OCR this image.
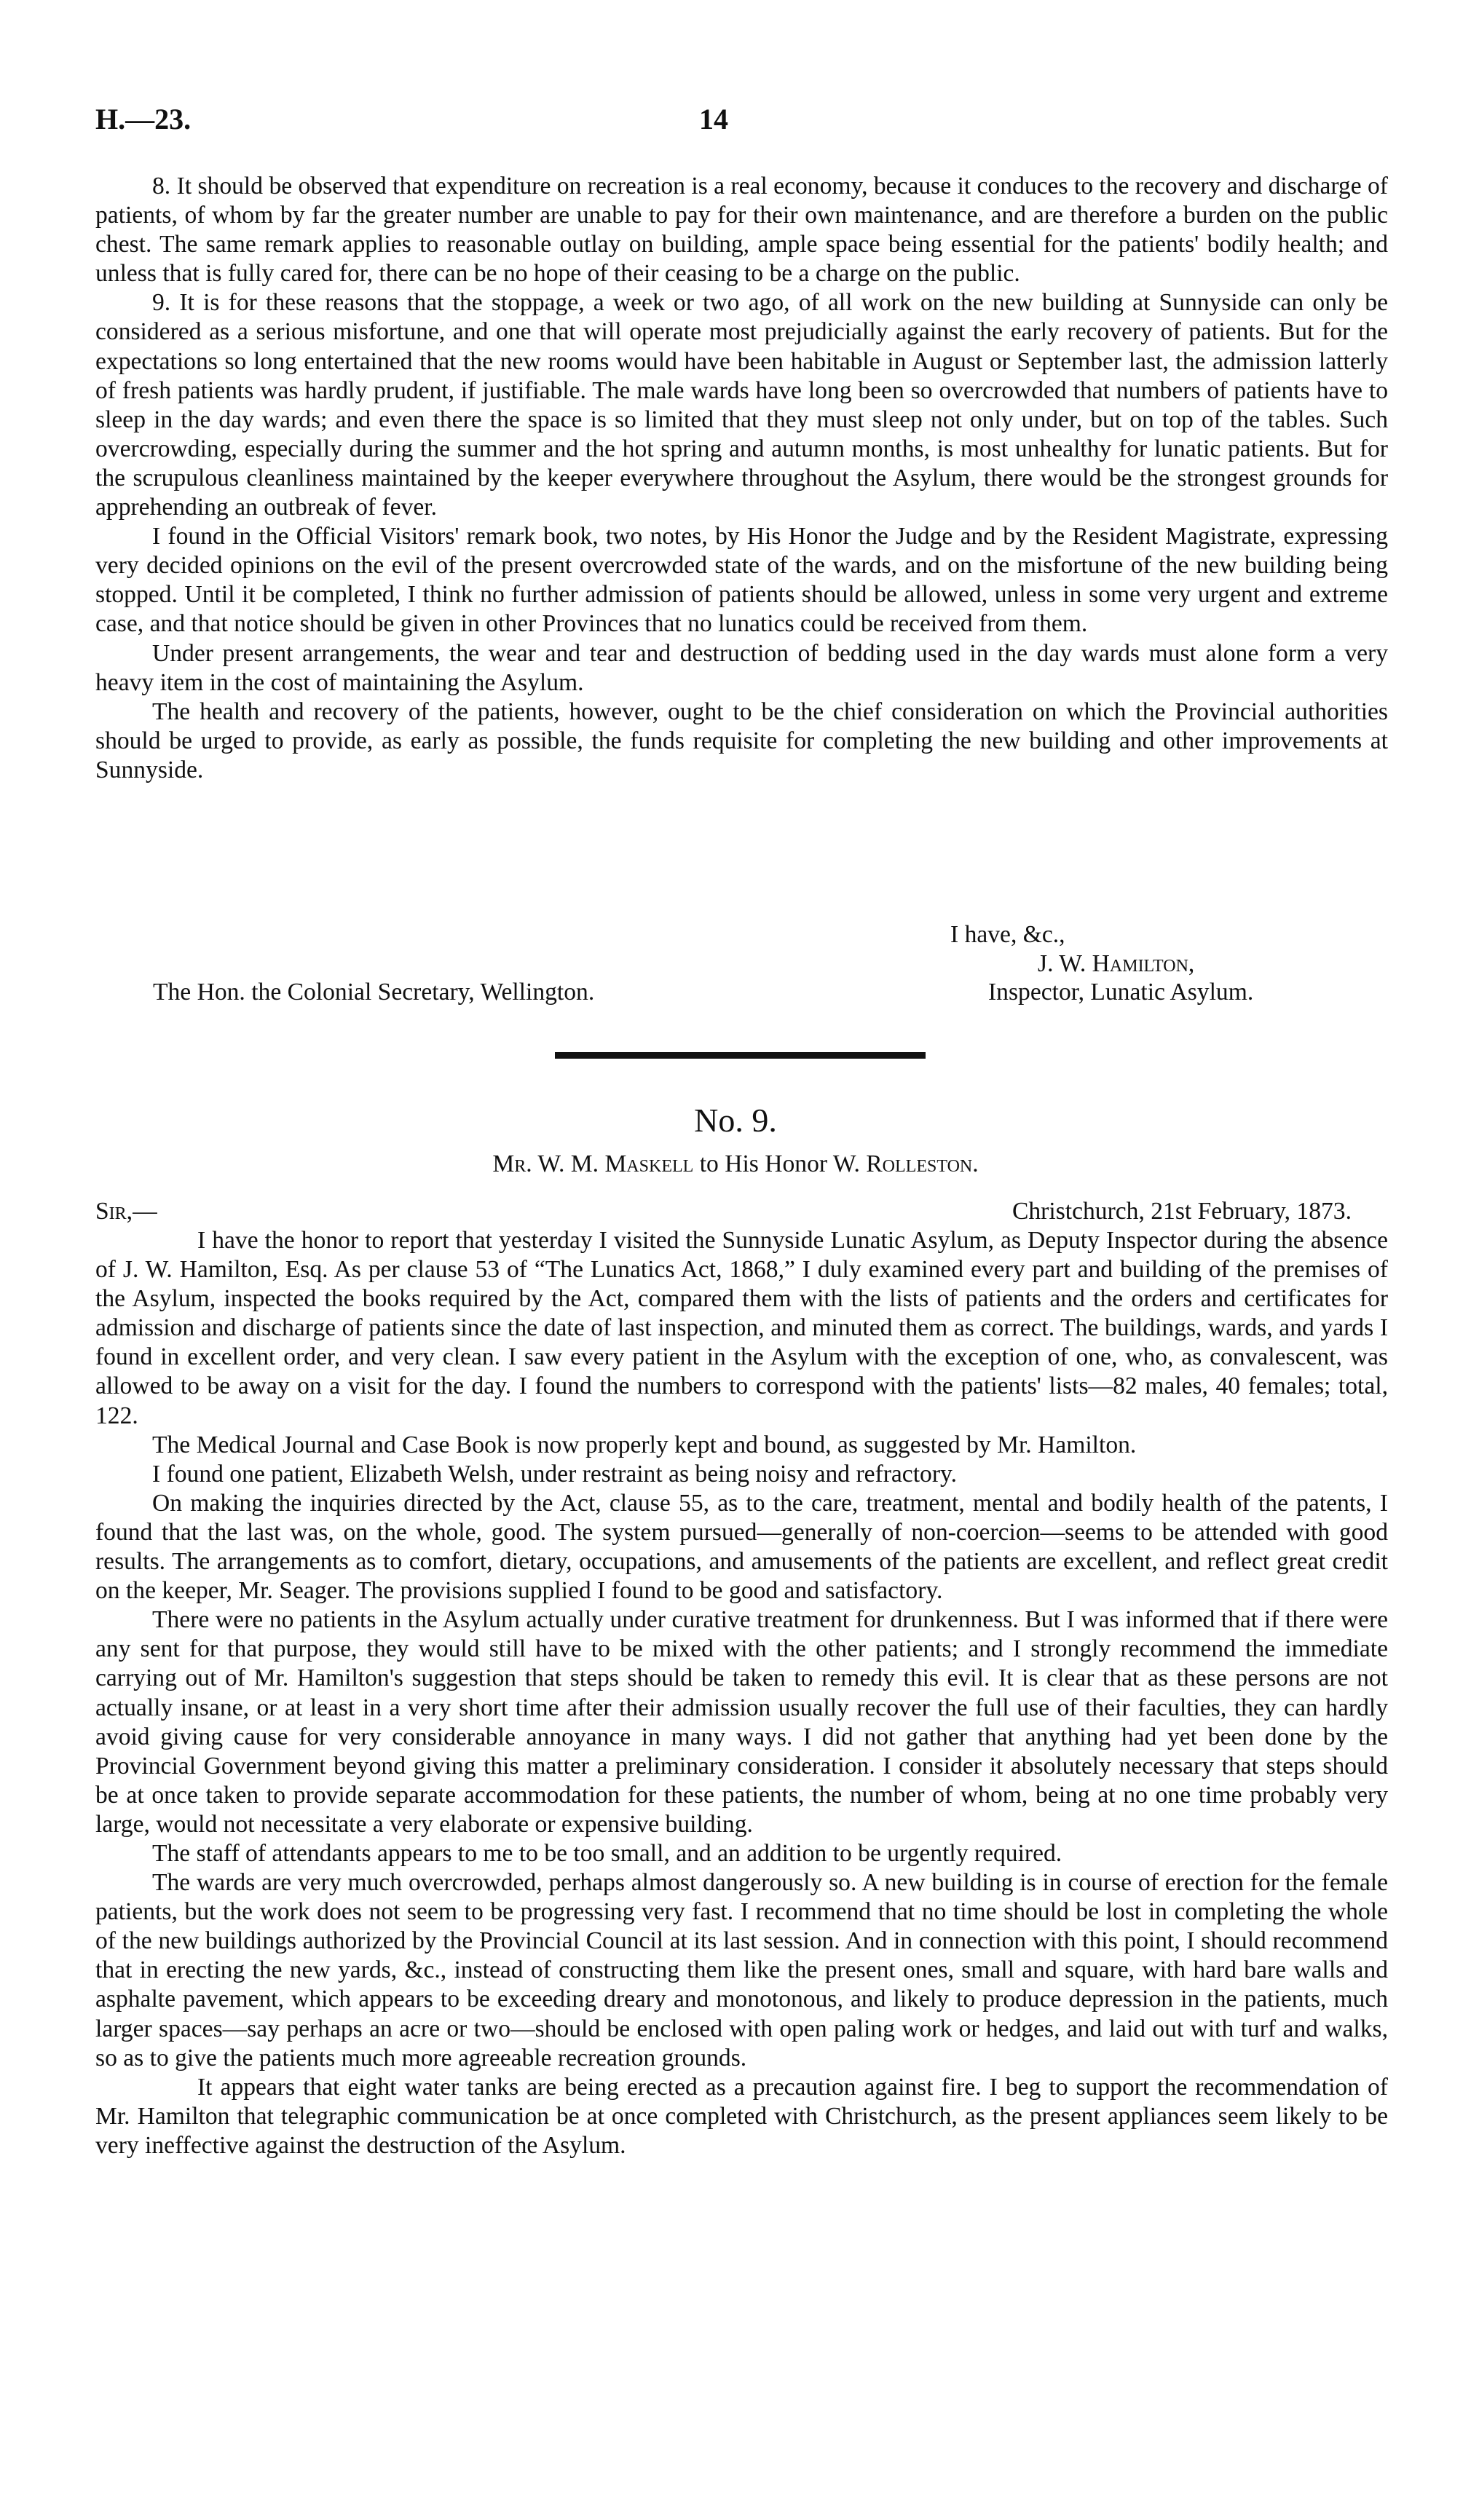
H.—23.	14

8. It should be observed that expenditure on recreation is a real economy, because it conduces to the recovery and discharge of patients, of whom by far the greater number are unable to pay for their own maintenance, and are therefore a burden on the public chest. The same remark applies to reasonable outlay on building, ample space being essential for the patients' bodily health; and unless that is fully cared for, there can be no hope of their ceasing to be a charge on the public.

9. It is for these reasons that the stoppage, a week or two ago, of all work on the new building at Sunnyside can only be considered as a serious misfortune, and one that will operate most prejudicially against the early recovery of patients. But for the expectations so long entertained that the new rooms would have been habitable in August or September last, the admission latterly of fresh patients was hardly prudent, if justifiable. The male wards have long been so overcrowded that numbers of patients have to sleep in the day wards; and even there the space is so limited that they must sleep not only under, but on top of the tables. Such overcrowding, especially during the summer and the hot spring and autumn months, is most unhealthy for lunatic patients. But for the scrupulous cleanliness maintained by the keeper everywhere throughout the Asylum, there would be the strongest grounds for apprehending an outbreak of fever.

I found in the Official Visitors' remark book, two notes, by His Honor the Judge and by the Resident Magistrate, expressing very decided opinions on the evil of the present overcrowded state of the wards, and on the misfortune of the new building being stopped. Until it be completed, I think no further admission of patients should be allowed, unless in some very urgent and extreme case, and that notice should be given in other Provinces that no lunatics could be received from them.

Under present arrangements, the wear and tear and destruction of bedding used in the day wards must alone form a very heavy item in the cost of maintaining the Asylum.

The health and recovery of the patients, however, ought to be the chief consideration on which the Provincial authorities should be urged to provide, as early as possible, the funds requisite for completing the new building and other improvements at Sunnyside.

I have, &c.,
J. W. Hamilton,
Inspector, Lunatic Asylum.
The Hon. the Colonial Secretary, Wellington.
No. 9.
Mr. W. M. Maskell to His Honor W. Rolleston.
Sir,—	Christchurch, 21st February, 1873.

I have the honor to report that yesterday I visited the Sunnyside Lunatic Asylum, as Deputy Inspector during the absence of J. W. Hamilton, Esq. As per clause 53 of “The Lunatics Act, 1868,” I duly examined every part and building of the premises of the Asylum, inspected the books required by the Act, compared them with the lists of patients and the orders and certificates for admission and discharge of patients since the date of last inspection, and minuted them as correct. The buildings, wards, and yards I found in excellent order, and very clean. I saw every patient in the Asylum with the exception of one, who, as convalescent, was allowed to be away on a visit for the day. I found the numbers to correspond with the patients' lists—82 males, 40 females; total, 122.

The Medical Journal and Case Book is now properly kept and bound, as suggested by Mr. Hamilton.

I found one patient, Elizabeth Welsh, under restraint as being noisy and refractory.

On making the inquiries directed by the Act, clause 55, as to the care, treatment, mental and bodily health of the patents, I found that the last was, on the whole, good. The system pursued—generally of non-coercion—seems to be attended with good results. The arrangements as to comfort, dietary, occupations, and amusements of the patients are excellent, and reflect great credit on the keeper, Mr. Seager. The provisions supplied I found to be good and satisfactory.

There were no patients in the Asylum actually under curative treatment for drunkenness. But I was informed that if there were any sent for that purpose, they would still have to be mixed with the other patients; and I strongly recommend the immediate carrying out of Mr. Hamilton's suggestion that steps should be taken to remedy this evil. It is clear that as these persons are not actually insane, or at least in a very short time after their admission usually recover the full use of their faculties, they can hardly avoid giving cause for very considerable annoyance in many ways. I did not gather that anything had yet been done by the Provincial Government beyond giving this matter a preliminary consideration. I consider it absolutely necessary that steps should be at once taken to provide separate accommodation for these patients, the number of whom, being at no one time probably very large, would not necessitate a very elaborate or expensive building.

The staff of attendants appears to me to be too small, and an addition to be urgently required.

The wards are very much overcrowded, perhaps almost dangerously so. A new building is in course of erection for the female patients, but the work does not seem to be progressing very fast. I recommend that no time should be lost in completing the whole of the new buildings authorized by the Provincial Council at its last session. And in connection with this point, I should recommend that in erecting the new yards, &c., instead of constructing them like the present ones, small and square, with hard bare walls and asphalte pavement, which appears to be exceeding dreary and monotonous, and likely to produce depression in the patients, much larger spaces—say perhaps an acre or two—should be enclosed with open paling work or hedges, and laid out with turf and walks, so as to give the patients much more agreeable recreation grounds.

It appears that eight water tanks are being erected as a precaution against fire. I beg to support the recommendation of Mr. Hamilton that telegraphic communication be at once completed with Christchurch, as the present appliances seem likely to be very ineffective against the destruction of the Asylum.
